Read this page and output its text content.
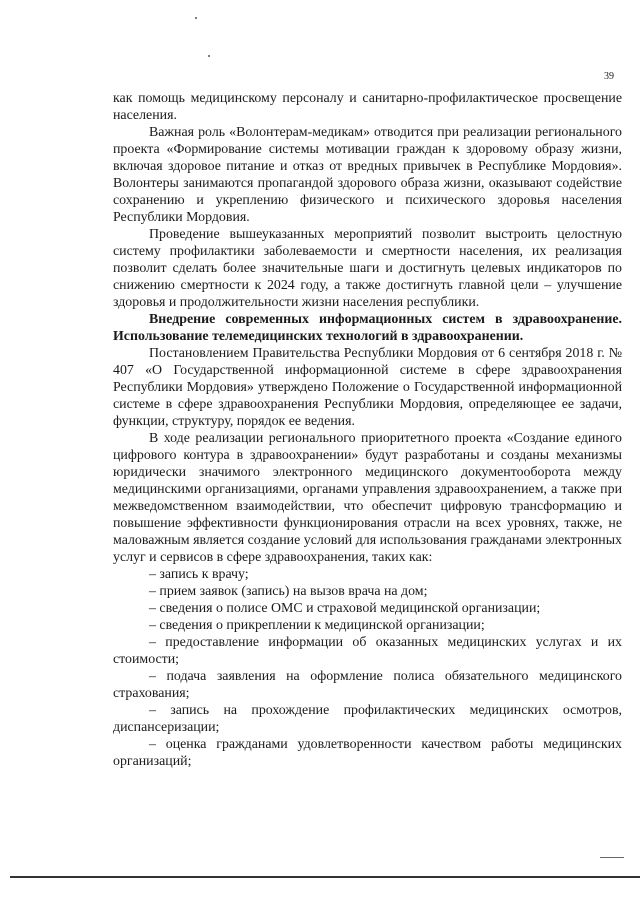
39

как помощь медицинскому персоналу и санитарно-профилактическое просвещение населения.

Важная роль «Волонтерам-медикам» отводится при реализации регионального проекта «Формирование системы мотивации граждан к здоровому образу жизни, включая здоровое питание и отказ от вредных привычек в Республике Мордовия». Волонтеры занимаются пропагандой здорового образа жизни, оказывают содействие сохранению и укреплению физического и психического здоровья населения Республики Мордовия.

Проведение вышеуказанных мероприятий позволит выстроить целостную систему профилактики заболеваемости и смертности населения, их реализация позволит сделать более значительные шаги и достигнуть целевых индикаторов по снижению смертности к 2024 году, а также достигнуть главной цели – улучшение здоровья и продолжительности жизни населения республики.

Внедрение современных информационных систем в здравоохранение. Использование телемедицинских технологий в здравоохранении.

Постановлением Правительства Республики Мордовия от 6 сентября 2018 г. № 407 «О Государственной информационной системе в сфере здравоохранения Республики Мордовия» утверждено Положение о Государственной информационной системе в сфере здравоохранения Республики Мордовия, определяющее ее задачи, функции, структуру, порядок ее ведения.

В ходе реализации регионального приоритетного проекта «Создание единого цифрового контура в здравоохранении» будут разработаны и созданы механизмы юридически значимого электронного медицинского документооборота между медицинскими организациями, органами управления здравоохранением, а также при межведомственном взаимодействии, что обеспечит цифровую трансформацию и повышение эффективности функционирования отрасли на всех уровнях, также, не маловажным является создание условий для использования гражданами электронных услуг и сервисов в сфере здравоохранения, таких как:

– запись к врачу;

– прием заявок (запись) на вызов врача на дом;

– сведения о полисе ОМС и страховой медицинской организации;

– сведения о прикреплении к медицинской организации;

– предоставление информации об оказанных медицинских услугах и их стоимости;

– подача заявления на оформление полиса обязательного медицинского страхования;

– запись на прохождение профилактических медицинских осмотров, диспансеризации;

– оценка гражданами удовлетворенности качеством работы медицинских организаций;
